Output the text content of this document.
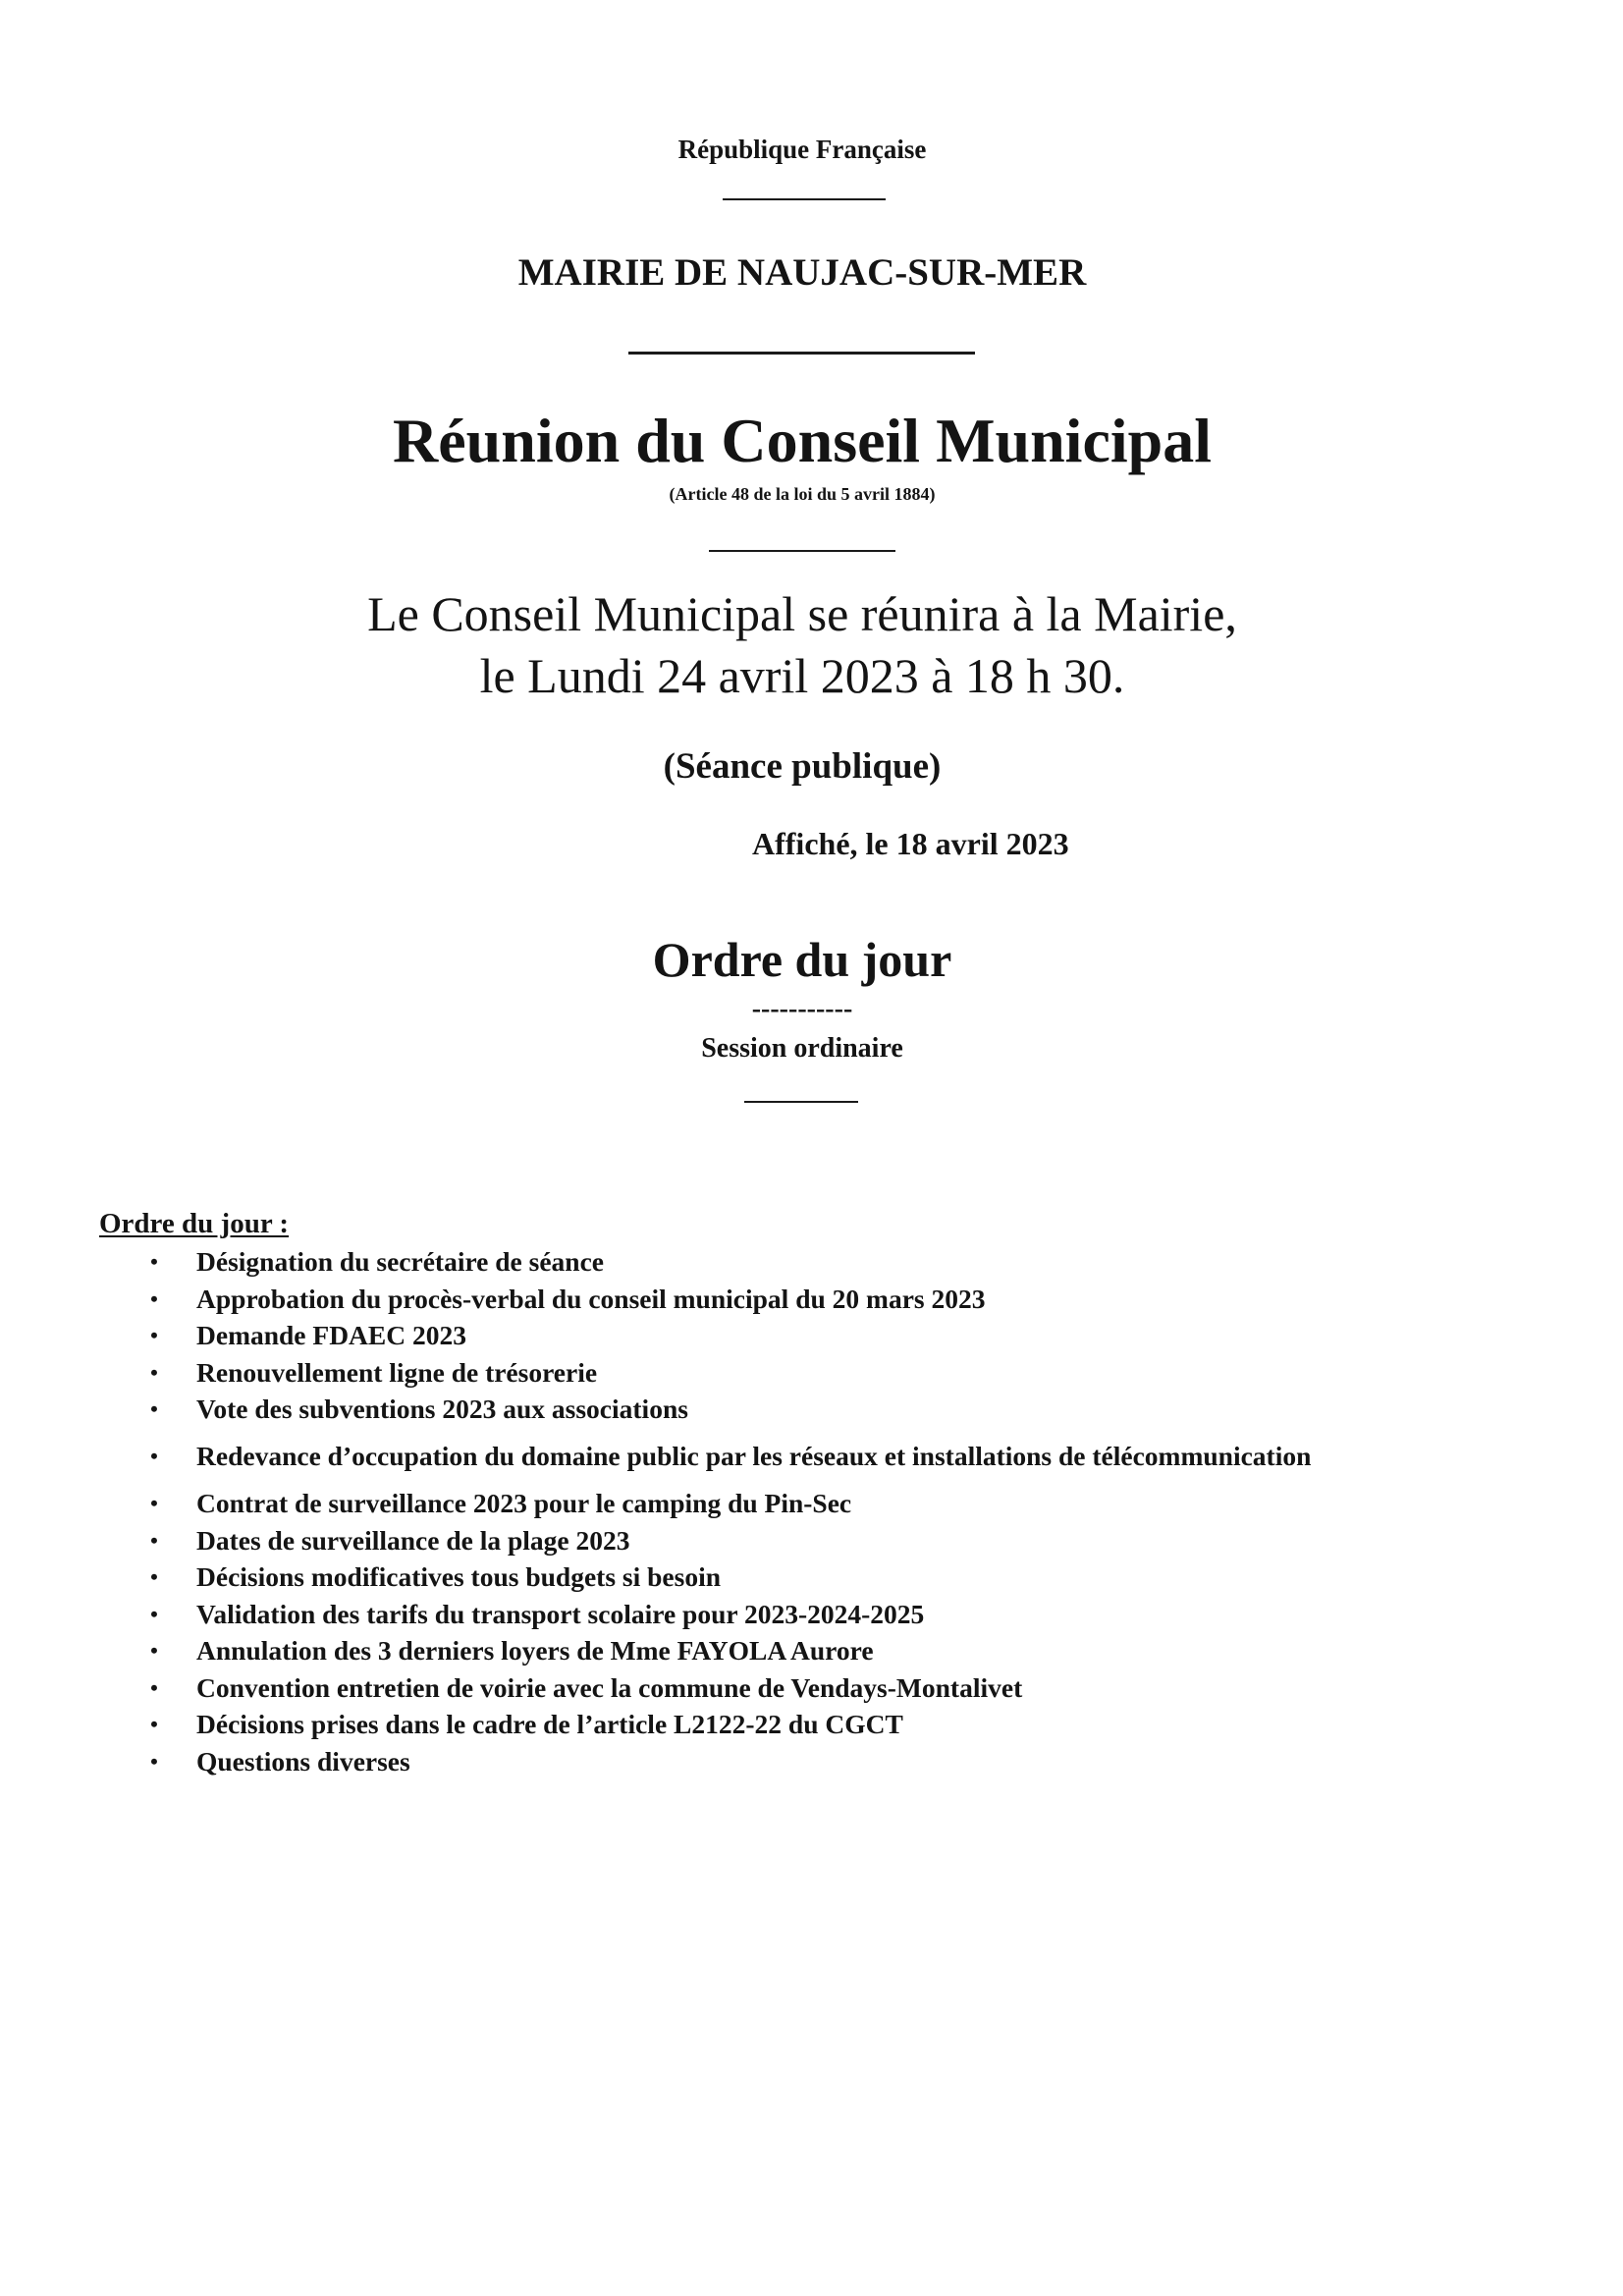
République Française
MAIRIE DE NAUJAC-SUR-MER
Réunion du Conseil Municipal
(Article 48 de la loi du 5 avril 1884)
Le Conseil Municipal se réunira à la Mairie,
le Lundi 24 avril 2023 à 18 h 30.
(Séance publique)
Affiché, le 18 avril 2023
Ordre du jour
-----------
Session ordinaire
Ordre du jour :
• Désignation du secrétaire de séance
• Approbation du procès-verbal du conseil municipal du 20 mars 2023
• Demande FDAEC 2023
• Renouvellement ligne de trésorerie
• Vote des subventions 2023 aux associations
• Redevance d’occupation du domaine public par les réseaux et installations de télécommunication
• Contrat de surveillance 2023 pour le camping du Pin-Sec
• Dates de surveillance de la plage 2023
• Décisions modificatives tous budgets si besoin
• Validation des tarifs du transport scolaire pour 2023-2024-2025
• Annulation des 3 derniers loyers de Mme FAYOLA Aurore
• Convention entretien de voirie avec la commune de Vendays-Montalivet
• Décisions prises dans le cadre de l’article L2122-22 du CGCT
• Questions diverses
